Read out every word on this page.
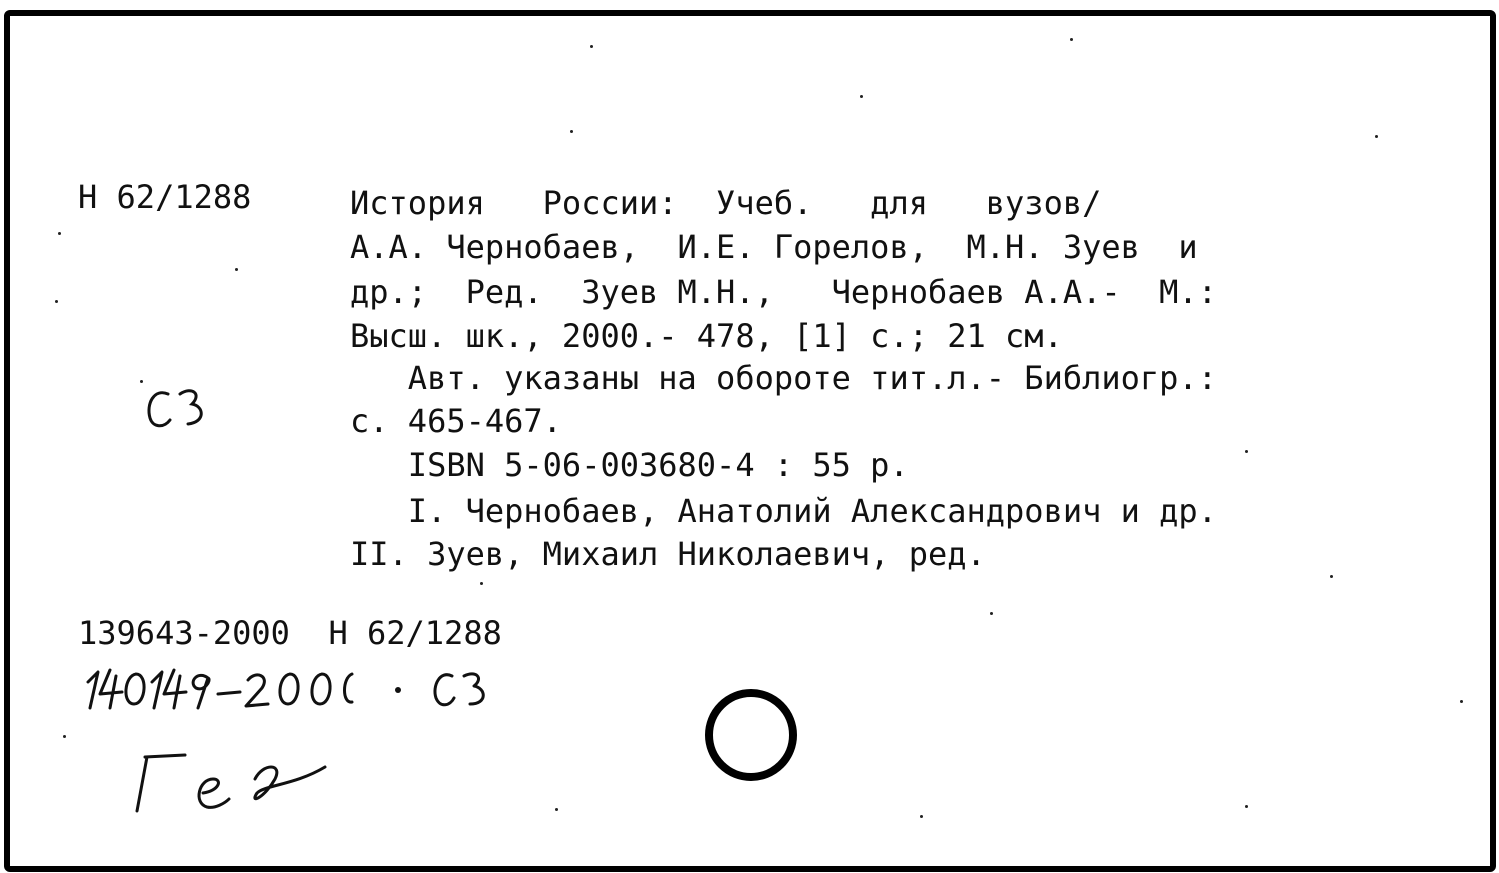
Н 62/1288	История   России:  Учеб.   для   вузов/
А.А. Чернобаев,  И.Е. Горелов,  М.Н. Зуев  и
др.;  Ред.  Зуев М.Н.,   Чернобаев А.А.-  М.:
Высш. шк., 2000.- 478, [1] с.; 21 см.
Авт. указаны на обороте тит.л.- Библиогр.:
с. 465-467.
ISBN 5-06-003680-4 : 55 р.
I. Чернобаев, Анатолий Александрович и др.
II. Зуев, Михаил Николаевич, ред.
139643-2000  Н 62/1288
